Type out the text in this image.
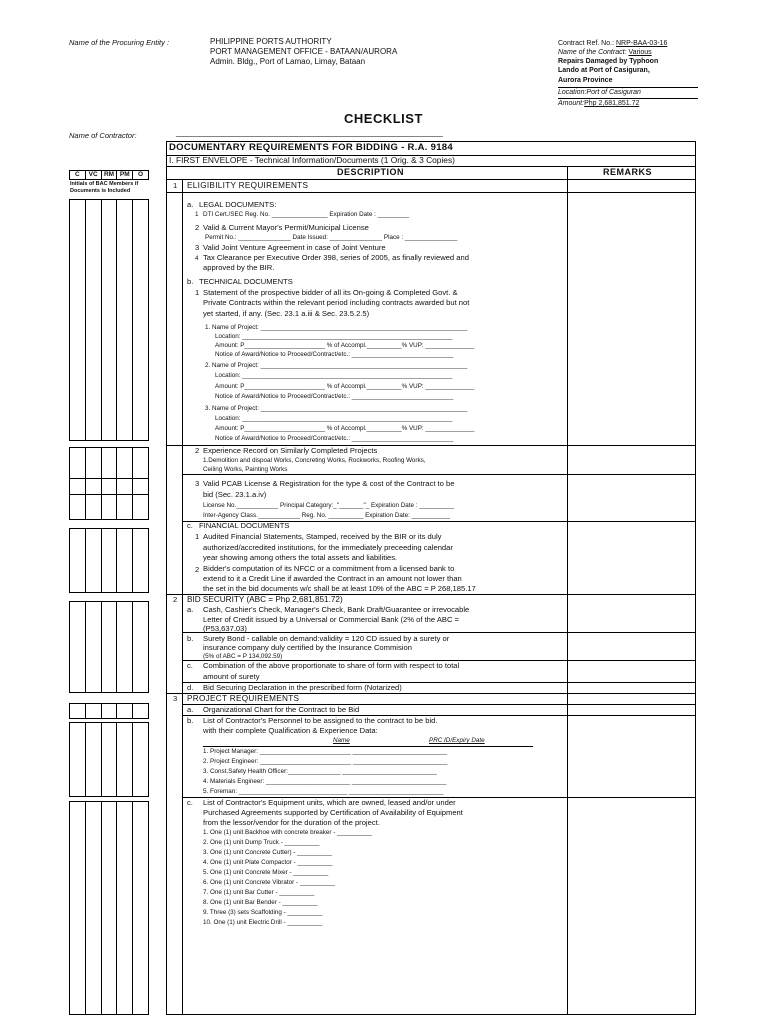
Name of the Procuring Entity :	PHILIPPINE PORTS AUTHORITY
PORT MANAGEMENT OFFICE - BATAAN/AURORA
Admin. Bldg., Port of Lamao, Limay, Bataan
Contract Ref. No.: NRP-BAA-03-16
Name of the Contract: Various
Repairs Damaged by Typhoon
Lando at Port of Casiguran,
Aurora Province
Location:Port of Casiguran
Amount:Php 2,681,851.72
CHECKLIST
Name of Contractor:	____________________________________________________________
C	VC RM PM	O
Initials of BAC Members if
Documents is Included
DOCUMENTARY REQUIREMENTS FOR BIDDING - R.A. 9184
I. FIRST ENVELOPE - Technical Information/Documents (1 Orig. & 3 Copies)
DESCRIPTION	REMARKS
1 ELIGIBILITY REQUIREMENTS
a. LEGAL DOCUMENTS:
1 DTI Cert./SEC Reg. No. ________________ Expiration Date : _________
2 Valid & Current Mayor's Permit/Municipal License
Permit No.: _______________ Date Issued: _______________ Place : _______________
3 Valid Joint Venture Agreement in case of Joint Venture
4 Tax Clearance per Executive Order 398, series of 2005, as finally reviewed and
approved by the BIR.
b. TECHNICAL DOCUMENTS
1 Statement of the prospective bidder of all its On-going & Completed Govt. &
Private Contracts within the relevant period including contracts awarded but not
yet started, if any. (Sec. 23.1 a.iii & Sec. 23.5.2.5)
1. Name of Project: ___________________________________________________________
Location: ____________________________________________________________
Amount: P_______________________ % of Accompl.__________% VUP: ______________
Notice of Award/Notice to Proceed/Contract/etc.: _____________________________
2. Name of Project: ___________________________________________________________
Location: ____________________________________________________________
Amount: P_______________________ % of Accompl.__________% VUP: ______________
Notice of Award/Notice to Proceed/Contract/etc.: _____________________________
3. Name of Project: ___________________________________________________________
Location: ____________________________________________________________
Amount: P_______________________ % of Accompl.__________% VUP: ______________
Notice of Award/Notice to Proceed/Contract/etc.: _____________________________
2 Experience Record on Similarly Completed Projects
1.Demolition and dispoal Works, Concreting Works, Rockworks, Roofing Works,
Ceiling Works, Painting Works
3 Valid PCAB License & Registration for the type & cost of the Contract to be
bid (Sec. 23.1.a.iv)
License No.____________ Principal Category:_"_______"_ Expiration Date : __________
Inter-Agency Class.____________ Reg. No. __________ Expiration Date: ___________
c. FINANCIAL DOCUMENTS
1 Audited Financial Statements, Stamped, received by the BIR or its duly
authorized/accredited institutions, for the immediately preceeding calendar
year showing among others the total assets and liabilities.
2 Bidder's computation of its NFCC or a commitment from a licensed bank to
extend to it a Credit Line if awarded the Contract in an amount not lower than
the set in the bid documents w/c shall be at least 10% of the ABC = P 268,185.17
2 BID SECURITY (ABC = Php 2,681,851.72)
a. Cash, Cashier's Check, Manager's Check, Bank Draft/Guarantee or irrevocable
Letter of Credit issued by a Universal or Commercial Bank (2% of the ABC =
(P53,637.03)
b. Surety Bond - callable on demand:validity = 120 CD issued by a surety or
insurance company duly certified by the Insurance Commision
(5% of ABC = P 134,092.59)
c. Combination of the above proportionate to share of form with respect to total
amount of surety
d. Bid Securing Declaration in the prescribed form (Notarized)
3 PROJECT REQUIREMENTS
a. Organizational Chart for the Contract to be Bid
b. List of Contractor's Personnel to be assigned to the contract to be bid.
with their complete Qualification & Experience Data:
Name	PRC ID/Expiry Date
1. Project Manager: __________________________ ___________________________
2. Project Engineer: __________________________ ___________________________
3. Const.Safety Health Officer:_______________ ___________________________
4. Materials Engineer: ________________________ ___________________________
5. Foreman: _______________________________ ___________________________
c. List of Contractor's Equipment units, which are owned, leased and/or under
Purchased Agreements supported by Certification of Availability of Equipment
from the lessor/vendor for the duration of the project.
1. One (1) unit Backhoe with concrete breaker - __________
2. One (1) unit Dump Truck - __________
3. One (1) unit Concrete Cutter) - __________
4. One (1) unit Plate Compactor - __________
5. One (1) unit Concrete Mixer - __________
6. One (1) unit Concrete Vibrator - __________
7. One (1) unit Bar Cutter - __________
8. One (1) unit Bar Bender - __________
9. Three (3) sets Scaffolding - __________
10. One (1) unit Electric Drill - __________
